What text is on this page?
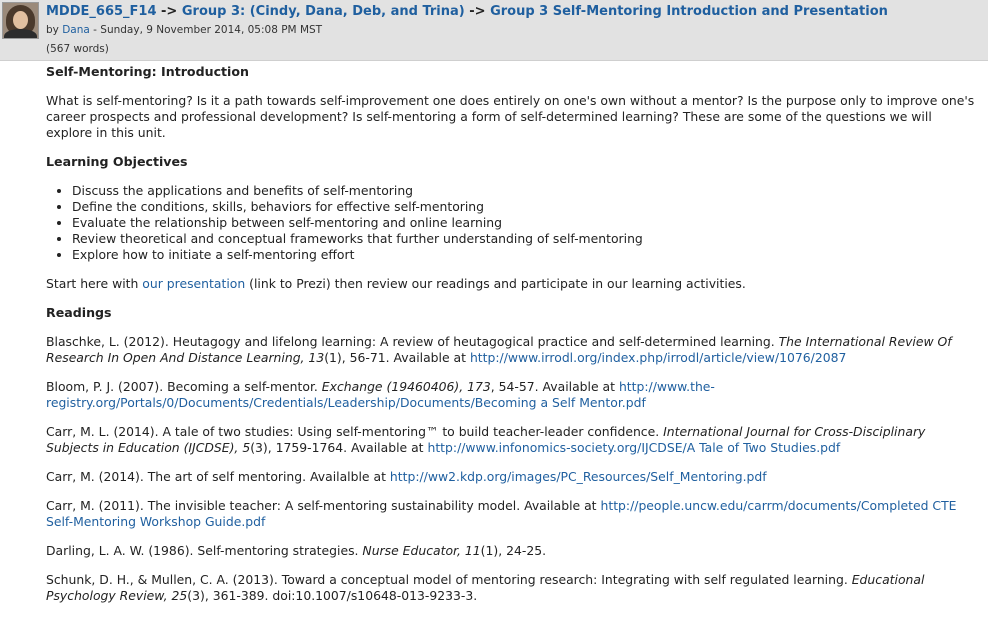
MDDE_665_F14 -> Group 3: (Cindy, Dana, Deb, and Trina) -> Group 3 Self-Mentoring Introduction and Presentation
by Dana - Sunday, 9 November 2014, 05:08 PM MST
(567 words)
Self-Mentoring: Introduction

What is self-mentoring? Is it a path towards self-improvement one does entirely on one's own without a mentor? Is the purpose only to improve one's career prospects and professional development? Is self-mentoring a form of self-determined learning? These are some of the questions we will explore in this unit.

Learning Objectives
• Discuss the applications and benefits of self-mentoring
• Define the conditions, skills, behaviors for effective self-mentoring
• Evaluate the relationship between self-mentoring and online learning
• Review theoretical and conceptual frameworks that further understanding of self-mentoring
• Explore how to initiate a self-mentoring effort

Start here with our presentation (link to Prezi) then review our readings and participate in our learning activities.

Readings

Blaschke, L. (2012). Heutagogy and lifelong learning: A review of heutagogical practice and self-determined learning. The International Review Of Research In Open And Distance Learning, 13(1), 56-71. Available at http://www.irrodl.org/index.php/irrodl/article/view/1076/2087

Bloom, P. J. (2007). Becoming a self-mentor. Exchange (19460406), 173, 54-57. Available at http://www.the-registry.org/Portals/0/Documents/Credentials/Leadership/Documents/Becoming a Self Mentor.pdf

Carr, M. L. (2014). A tale of two studies: Using self-mentoring™ to build teacher-leader confidence. International Journal for Cross-Disciplinary Subjects in Education (IJCDSE), 5(3), 1759-1764. Available at http://www.infonomics-society.org/IJCDSE/A Tale of Two Studies.pdf

Carr, M. (2014). The art of self mentoring. Availalble at http://ww2.kdp.org/images/PC_Resources/Self_Mentoring.pdf

Carr, M. (2011). The invisible teacher: A self-mentoring sustainability model. Available at http://people.uncw.edu/carrm/documents/Completed CTE Self-Mentoring Workshop Guide.pdf

Darling, L. A. W. (1986). Self-mentoring strategies. Nurse Educator, 11(1), 24-25.

Schunk, D. H., & Mullen, C. A. (2013). Toward a conceptual model of mentoring research: Integrating with self regulated learning. Educational Psychology Review, 25(3), 361-389. doi:10.1007/s10648-013-9233-3.
